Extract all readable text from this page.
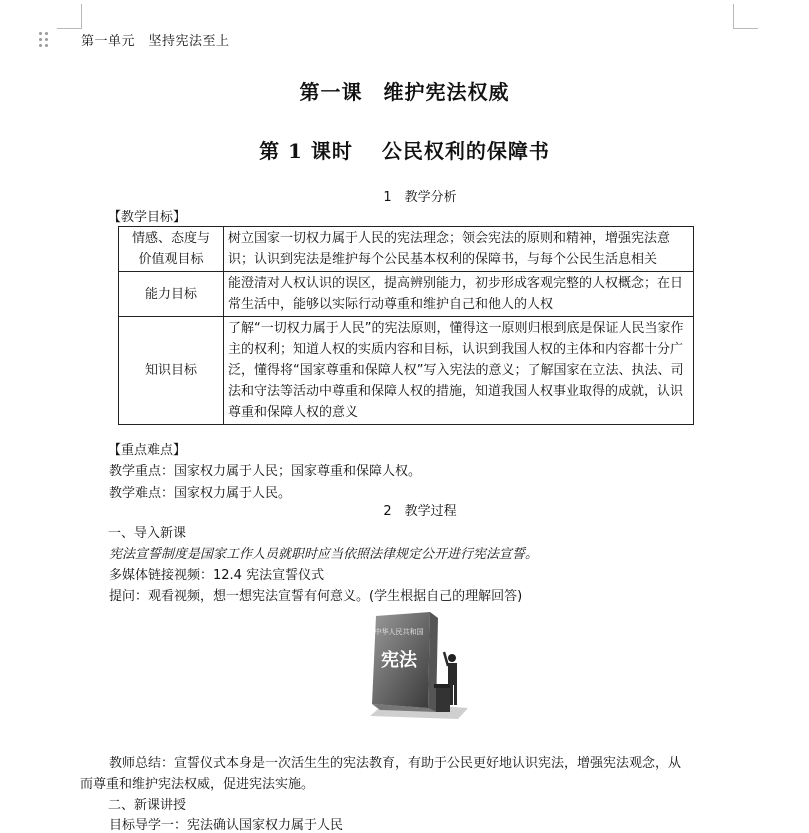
第一单元　坚持宪法至上
第一课　维护宪法权威
第 1 课时　 公民权利的保障书
1　教学分析
【教学目标】
情感、态度与
价值观目标	树立国家一切权力属于人民的宪法理念；领会宪法的原则和精神，增强宪法意识；认识到宪法是维护每个公民基本权利的保障书，与每个公民生活息相关
能力目标	能澄清对人权认识的误区，提高辨别能力，初步形成客观完整的人权概念；在日常生活中，能够以实际行动尊重和维护自己和他人的人权
知识目标	了解“一切权力属于人民”的宪法原则，懂得这一原则归根到底是保证人民当家作主的权利；知道人权的实质内容和目标，认识到我国人权的主体和内容都十分广泛，懂得将“国家尊重和保障人权”写入宪法的意义；了解国家在立法、执法、司法和守法等活动中尊重和保障人权的措施，知道我国人权事业取得的成就，认识尊重和保障人权的意义
【重点难点】
教学重点：国家权力属于人民；国家尊重和保障人权。
教学难点：国家权力属于人民。
2　教学过程
一、导入新课
宪法宣誓制度是国家工作人员就职时应当依照法律规定公开进行宪法宣誓。
多媒体链接视频：12.4 宪法宣誓仪式
提问：观看视频，想一想宪法宣誓有何意义。(学生根据自己的理解回答)
中华人民共和国
宪法
教师总结：宣誓仪式本身是一次活生生的宪法教育，有助于公民更好地认识宪法，增强宪法观念，从
而尊重和维护宪法权威，促进宪法实施。
二、新课讲授
目标导学一：宪法确认国家权力属于人民
